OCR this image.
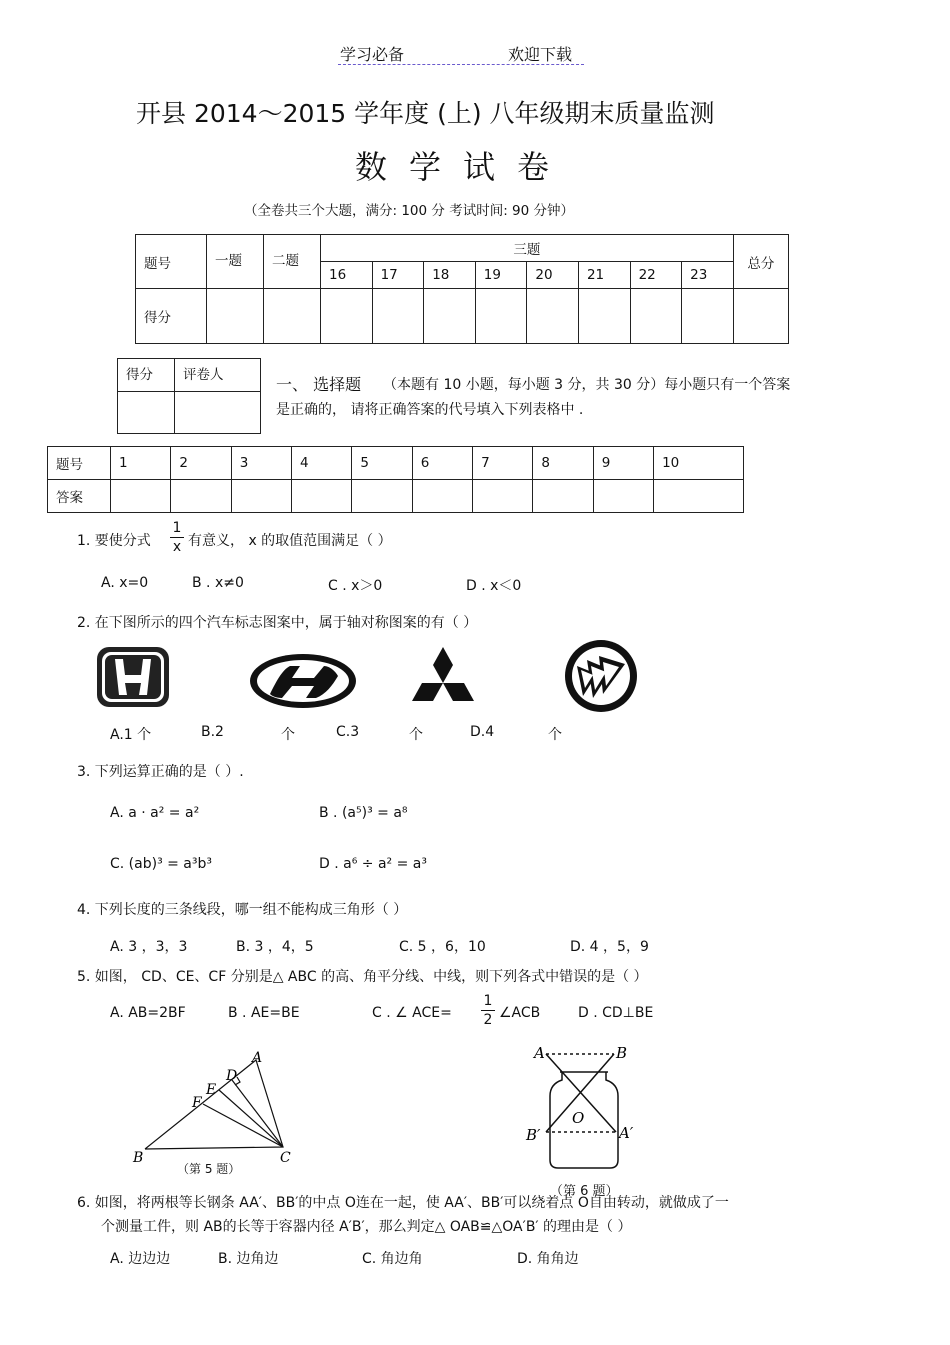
学习必备	欢迎下载
开县 2014～2015 学年度 (上) 八年级期末质量监测
数学试卷
（全卷共三个大题，满分: 100 分 考试时间: 90 分钟）
题号	一题	二题	三题								总分
			16	17	18	19	20	21	22	23	
得分											
得分	评卷人
		一、 选择题 （本题有 10 小题，每小题 3 分，共 30 分）每小题只有一个答案
是正确的， 请将正确答案的代号填入下列表格中 .
题号	1	2	3	4	5	6	7	8	9	10
答案										
1. 要使分式
1
x 有意义， x 的取值范围满足（ ）
A. x=0	B . x≠0	C . x＞0	D . x＜0
2. 在下图所示的四个汽车标志图案中，属于轴对称图案的有（ ）
A.1 个	B.2	个	C.3	个	D.4	个
3. 下列运算正确的是（ ）.
A. a · a² = a²	B . (a⁵)³ = a⁸
C. (ab)³ = a³b³	D . a⁶ ÷ a² = a³
4. 下列长度的三条线段，哪一组不能构成三角形（ ）
A. 3 ，3，3	B. 3 ，4，5	C. 5 ，6，10	D. 4 ，5，9
5. 如图， CD、CE、CF 分别是△ ABC 的高、角平分线、中线，则下列各式中错误的是（ ）
A. AB=2BF	B . AE=BE	C . ∠ ACE=
1
2 ∠ACB	D . CD⊥BE
A
B	C
D
E
F
（第 5 题）
A	B
O
B′	A′
（第 6 题）
6. 如图，将两根等长钢条 AA′、BB′的中点 O连在一起，使 AA′、BB′可以绕着点 O自由转动，就做成了一
个测量工件，则 AB的长等于容器内径 A′B′，那么判定△ OAB≌△OA′B′ 的理由是（ ）
A. 边边边	B. 边角边	C. 角边角	D. 角角边
